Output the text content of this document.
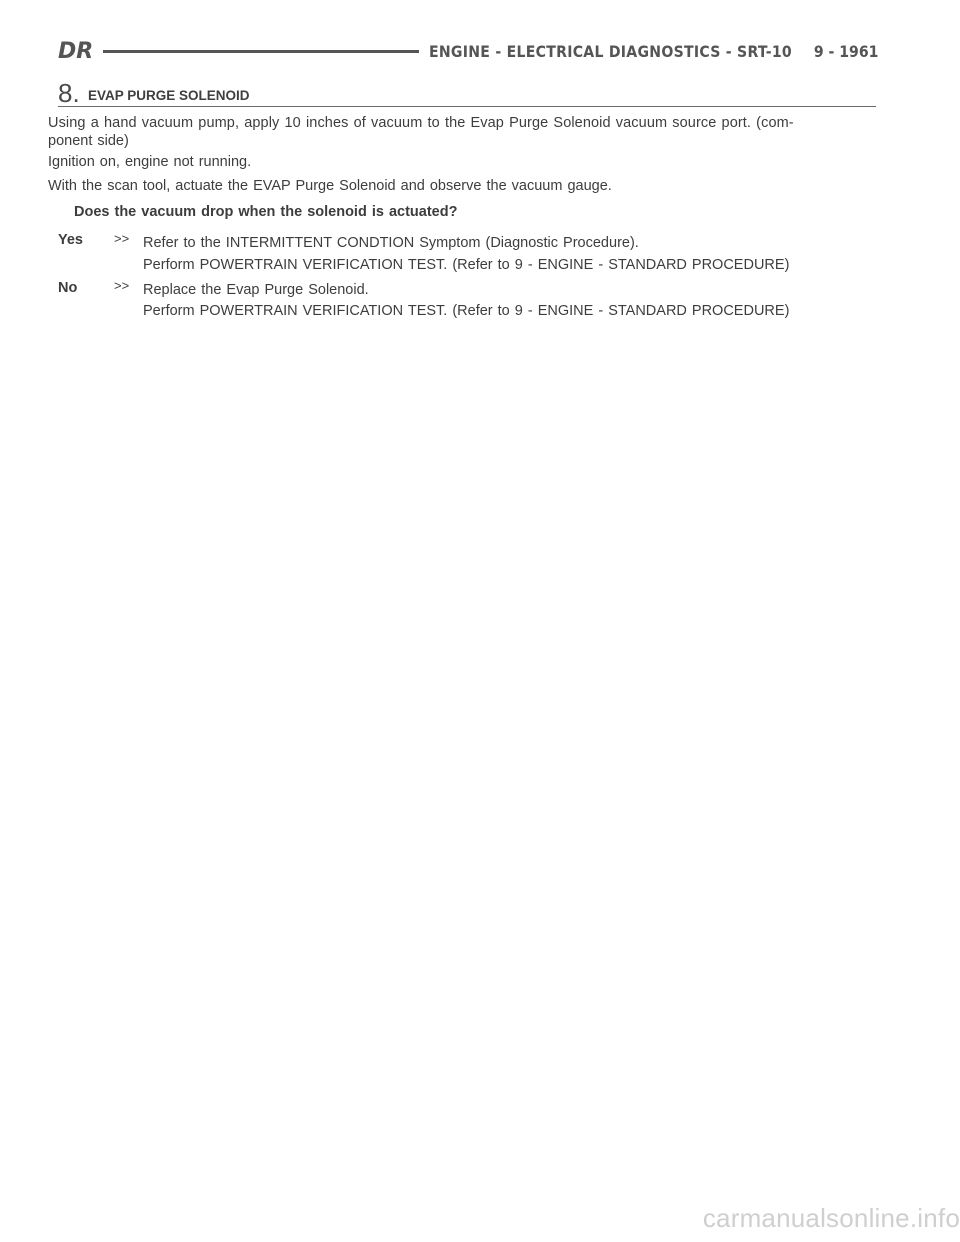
DR	ENGINE - ELECTRICAL DIAGNOSTICS - SRT-10 9 - 1961
8. EVAP PURGE SOLENOID
Using a hand vacuum pump, apply 10 inches of vacuum to the Evap Purge Solenoid vacuum source port. (com-
ponent side)
Ignition on, engine not running.
With the scan tool, actuate the EVAP Purge Solenoid and observe the vacuum gauge.
Does the vacuum drop when the solenoid is actuated?
Yes >> Refer to the INTERMITTENT CONDTION Symptom (Diagnostic Procedure).
Perform POWERTRAIN VERIFICATION TEST. (Refer to 9 - ENGINE - STANDARD PROCEDURE)
No	>> Replace the Evap Purge Solenoid.
Perform POWERTRAIN VERIFICATION TEST. (Refer to 9 - ENGINE - STANDARD PROCEDURE)
carmanualsonline.info
